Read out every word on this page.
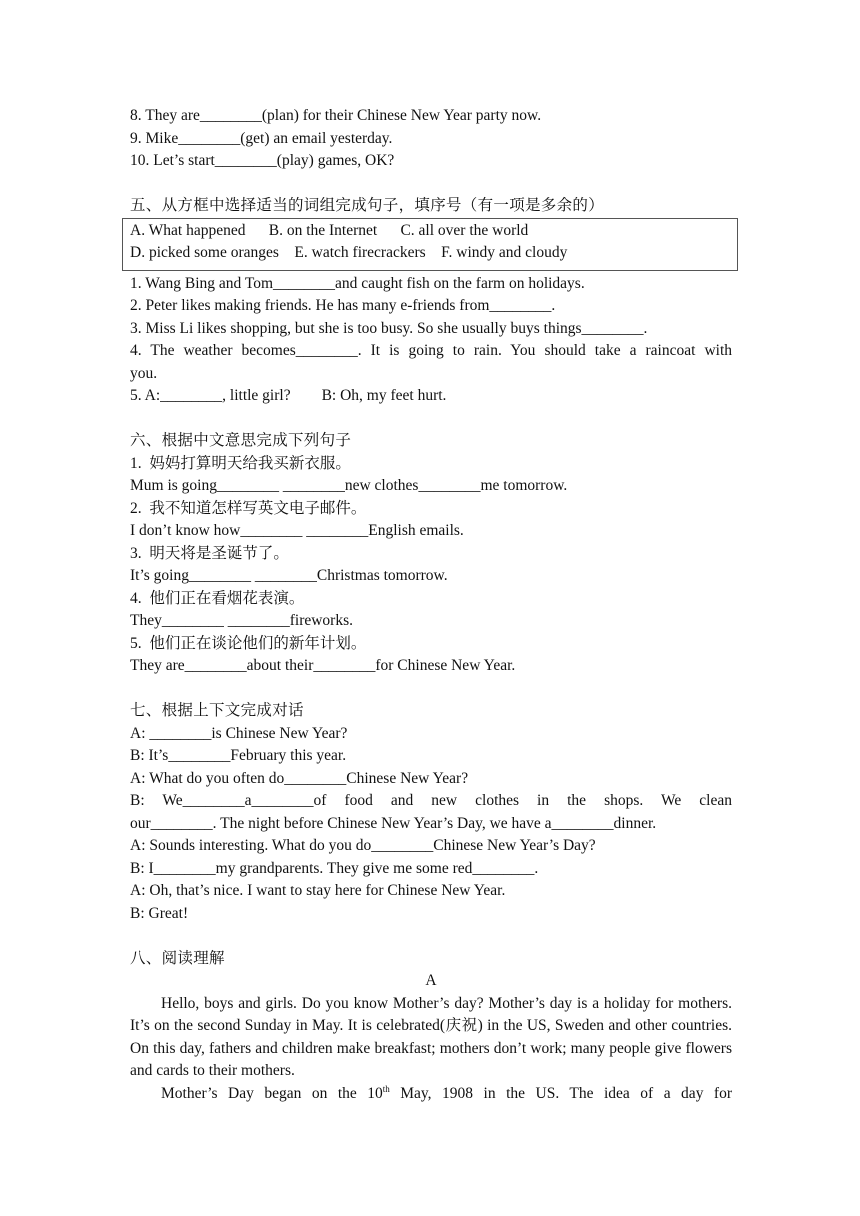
8. They are________(plan) for their Chinese New Year party now.
9. Mike________(get) an email yesterday.
10. Let’s start________(play) games, OK?
五、从方框中选择适当的词组完成句子，填序号（有一项是多余的）
A. What happened      B. on the Internet      C. all over the world
D. picked some oranges    E. watch firecrackers    F. windy and cloudy
1. Wang Bing and Tom________and caught fish on the farm on holidays.
2. Peter likes making friends. He has many e-friends from________.
3. Miss Li likes shopping, but she is too busy. So she usually buys things________.
4. The weather becomes________. It is going to rain. You should take a raincoat with
you.
5. A:________, little girl?        B: Oh, my feet hurt.
六、根据中文意思完成下列句子
1.  妈妈打算明天给我买新衣服。
Mum is going________ ________new clothes________me tomorrow.
2.  我不知道怎样写英文电子邮件。
I don’t know how________ ________English emails.
3.  明天将是圣诞节了。
It’s going________ ________Christmas tomorrow.
4.  他们正在看烟花表演。
They________ ________fireworks.
5.  他们正在谈论他们的新年计划。
They are________about their________for Chinese New Year.
七、根据上下文完成对话
A: ________is Chinese New Year?
B: It’s________February this year.
A: What do you often do________Chinese New Year?
B: We________a________of food and new clothes in the shops. We clean
our________. The night before Chinese New Year’s Day, we have a________dinner.
A: Sounds interesting. What do you do________Chinese New Year’s Day?
B: I________my grandparents. They give me some red________.
A: Oh, that’s nice. I want to stay here for Chinese New Year.
B: Great!
八、阅读理解
A
Hello, boys and girls. Do you know Mother’s day? Mother’s day is a holiday for mothers. It’s on the second Sunday in May. It is celebrated(庆祝) in the US, Sweden and other countries. On this day, fathers and children make breakfast; mothers don’t work; many people give flowers and cards to their mothers.
Mother’s Day began on the 10th May, 1908 in the US. The idea of a day for
